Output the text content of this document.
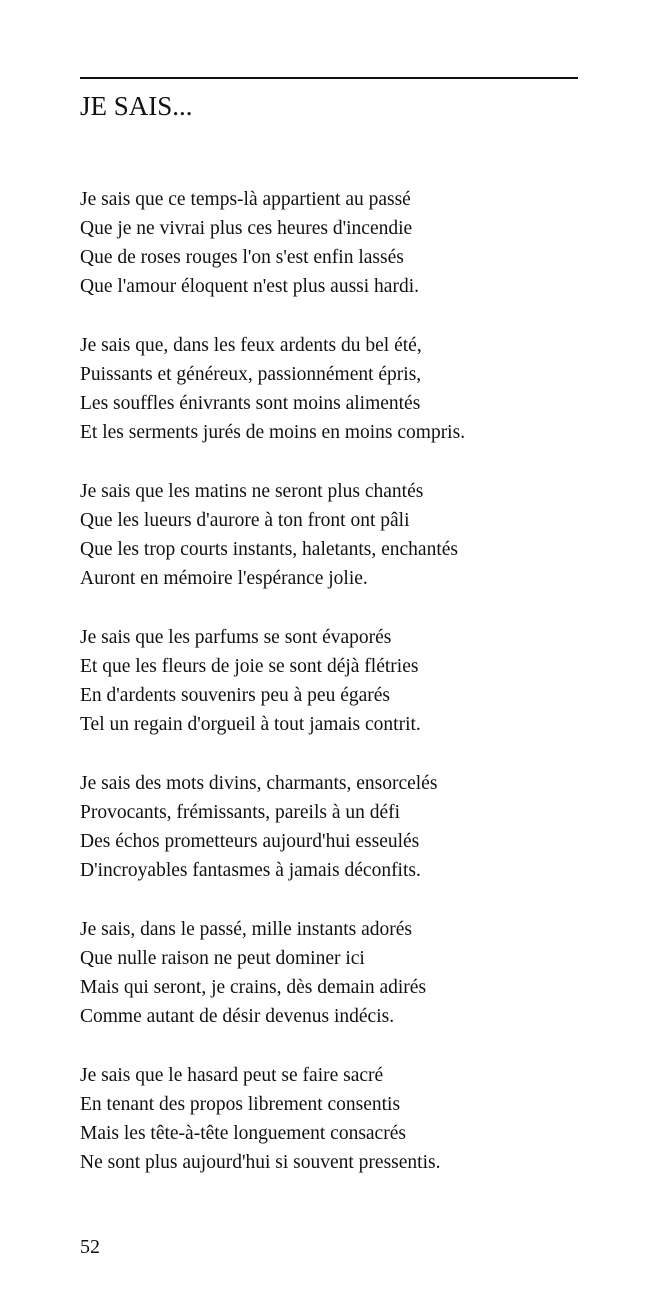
JE SAIS...
Je sais que ce temps-là appartient au passé
Que je ne vivrai plus ces heures d'incendie
Que de roses rouges l'on s'est enfin lassés
Que l'amour éloquent n'est plus aussi hardi.
Je sais que, dans les feux ardents du bel été,
Puissants et généreux, passionnément épris,
Les souffles énivrants sont moins alimentés
Et les serments jurés de moins en moins compris.
Je sais que les matins ne seront plus chantés
Que les lueurs d'aurore à ton front ont pâli
Que les trop courts instants, haletants, enchantés
Auront en mémoire l'espérance jolie.
Je sais que les parfums se sont évaporés
Et que les fleurs de joie se sont déjà flétries
En d'ardents souvenirs peu à peu égarés
Tel un regain d'orgueil à tout jamais contrit.
Je sais des mots divins, charmants, ensorcelés
Provocants, frémissants, pareils à un défi
Des échos prometteurs aujourd'hui esseulés
D'incroyables fantasmes à jamais déconfits.
Je sais, dans le passé, mille instants adorés
Que nulle raison ne peut dominer ici
Mais qui seront, je crains, dès demain adirés
Comme autant de désir devenus indécis.
Je sais que le hasard peut se faire sacré
En tenant des propos librement consentis
Mais les tête-à-tête longuement consacrés
Ne sont plus aujourd'hui si souvent pressentis.
52
